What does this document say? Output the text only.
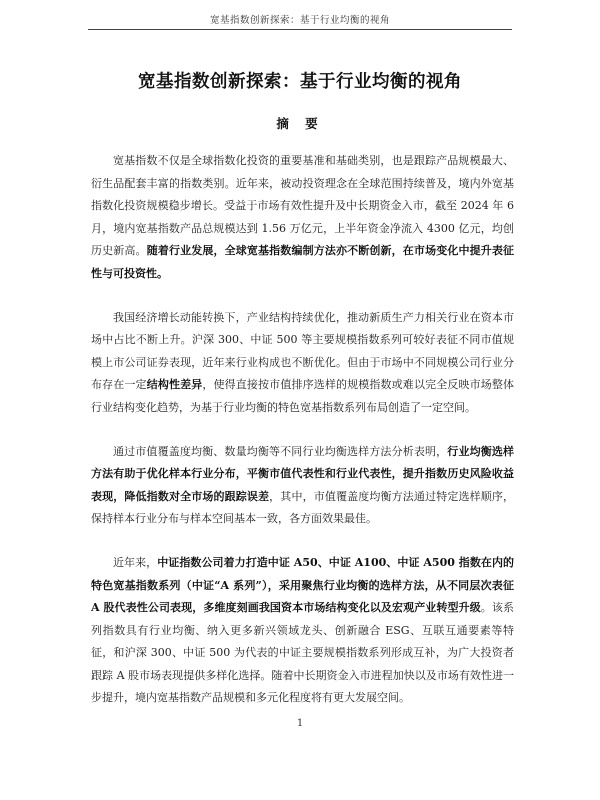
宽基指数创新探索：基于行业均衡的视角
宽基指数创新探索：基于行业均衡的视角
摘 要

宽基指数不仅是全球指数化投资的重要基准和基础类别，也是跟踪产品规模最大、衍生品配套丰富的指数类别。近年来，被动投资理念在全球范围持续普及，境内外宽基指数化投资规模稳步增长。受益于市场有效性提升及中长期资金入市，截至 2024 年 6 月，境内宽基指数产品总规模达到 1.56 万亿元，上半年资金净流入 4300 亿元，均创历史新高。随着行业发展，全球宽基指数编制方法亦不断创新，在市场变化中提升表征性与可投资性。

我国经济增长动能转换下，产业结构持续优化，推动新质生产力相关行业在资本市场中占比不断上升。沪深 300、中证 500 等主要规模指数系列可较好表征不同市值规模上市公司证券表现，近年来行业构成也不断优化。但由于市场中不同规模公司行业分布存在一定结构性差异，使得直接按市值排序选样的规模指数或难以完全反映市场整体行业结构变化趋势，为基于行业均衡的特色宽基指数系列布局创造了一定空间。

通过市值覆盖度均衡、数量均衡等不同行业均衡选样方法分析表明，行业均衡选样方法有助于优化样本行业分布，平衡市值代表性和行业代表性，提升指数历史风险收益表现，降低指数对全市场的跟踪误差，其中，市值覆盖度均衡方法通过特定选样顺序，保持样本行业分布与样本空间基本一致，各方面效果最佳。

近年来，中证指数公司着力打造中证 A50、中证 A100、中证 A500 指数在内的特色宽基指数系列（中证“A 系列”），采用聚焦行业均衡的选样方法，从不同层次表征 A 股代表性公司表现，多维度刻画我国资本市场结构变化以及宏观产业转型升级。该系列指数具有行业均衡、纳入更多新兴领域龙头、创新融合 ESG、互联互通要素等特征，和沪深 300、中证 500 为代表的中证主要规模指数系列形成互补，为广大投资者跟踪 A 股市场表现提供多样化选择。随着中长期资金入市进程加快以及市场有效性进一步提升，境内宽基指数产品规模和多元化程度将有更大发展空间。

1
